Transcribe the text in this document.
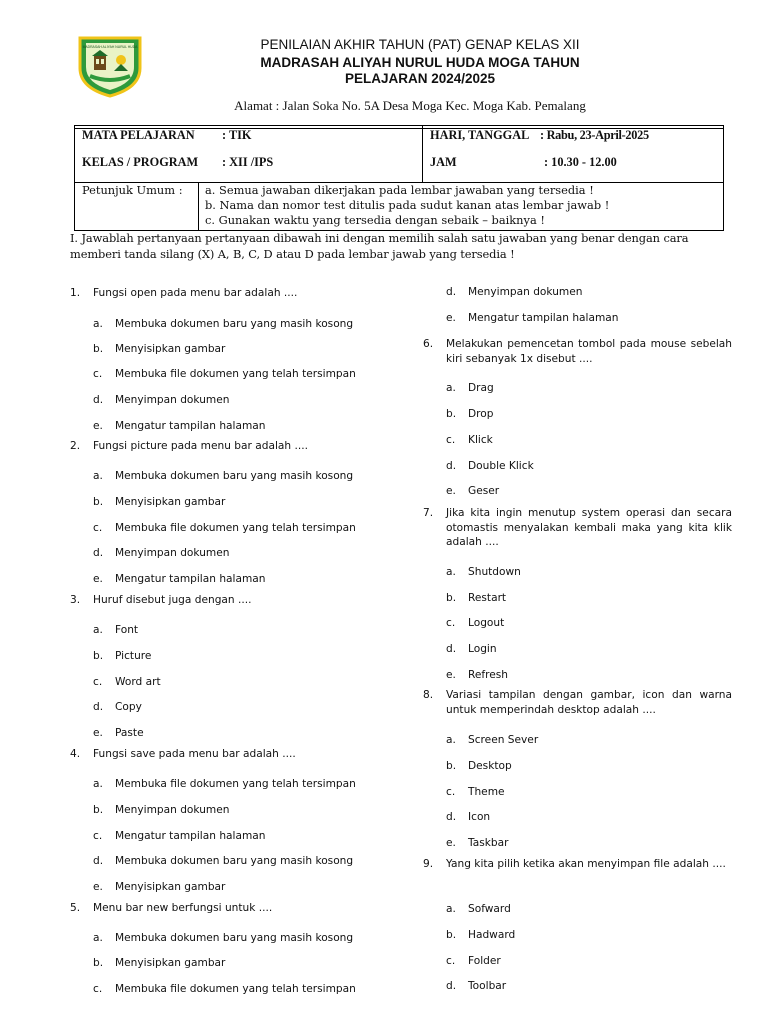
MADRASAH ALIYAH NURUL HUDA	PENILAIAN AKHIR TAHUN (PAT) GENAP KELAS XII
MADRASAH ALIYAH NURUL HUDA MOGA TAHUN
PELAJARAN 2024/2025
Alamat : Jalan Soka No. 5A Desa Moga Kec. Moga Kab. Pemalang
MATA PELAJARAN : TIK
KELAS / PROGRAM : XII /IPS
HARI, TANGGAL : Rabu, 23-April-2025
JAM	: 10.30 - 12.00
Petunjuk Umum : a. Semua jawaban dikerjakan pada lembar jawaban yang tersedia !
b. Nama dan nomor test ditulis pada sudut kanan atas lembar jawab !
c. Gunakan waktu yang tersedia dengan sebaik – baiknya !
I. Jawablah pertanyaan pertanyaan dibawah ini dengan memilih salah satu jawaban yang benar dengan cara memberi tanda silang (X) A, B, C, D atau D pada lembar jawab yang tersedia !
1.	Fungsi open pada menu bar adalah ....
a. Membuka dokumen baru yang masih kosong
b. Menyisipkan gambar
c. Membuka file dokumen yang telah tersimpan
d. Menyimpan dokumen
e. Mengatur tampilan halaman
2.	Fungsi picture pada menu bar adalah ....
a. Membuka dokumen baru yang masih kosong
b. Menyisipkan gambar
c. Membuka file dokumen yang telah tersimpan
d. Menyimpan dokumen
e. Mengatur tampilan halaman
3.	Huruf disebut juga dengan ....
a. Font
b. Picture
c. Word art
d. Copy
e. Paste
4.	Fungsi save pada menu bar adalah ....
a. Membuka file dokumen yang telah tersimpan
b. Menyimpan dokumen
c. Mengatur tampilan halaman
d. Membuka dokumen baru yang masih kosong
e. Menyisipkan gambar
5.	Menu bar new berfungsi untuk ....
a. Membuka dokumen baru yang masih kosong
b. Menyisipkan gambar
c. Membuka file dokumen yang telah tersimpan
6.	Melakukan pemencetan tombol pada mouse sebelah kiri sebanyak 1x disebut ....
a. Drag
b. Drop
c. Klick
d. Double Klick
e. Geser
7.	Jika kita ingin menutup system operasi dan secara otomastis menyalakan kembali maka yang kita klik adalah ....
a. Shutdown
b. Restart
c. Logout
d. Login
e. Refresh
8.	Variasi tampilan dengan gambar, icon dan warna untuk memperindah desktop adalah ....
a. Screen Sever
b. Desktop
c. Theme
d. Icon
e. Taskbar
9.	Yang kita pilih ketika akan menyimpan file adalah ....
a. Sofward
b. Hadward
c. Folder
d. Toolbar
d. Menyimpan dokumen
e. Mengatur tampilan halaman
